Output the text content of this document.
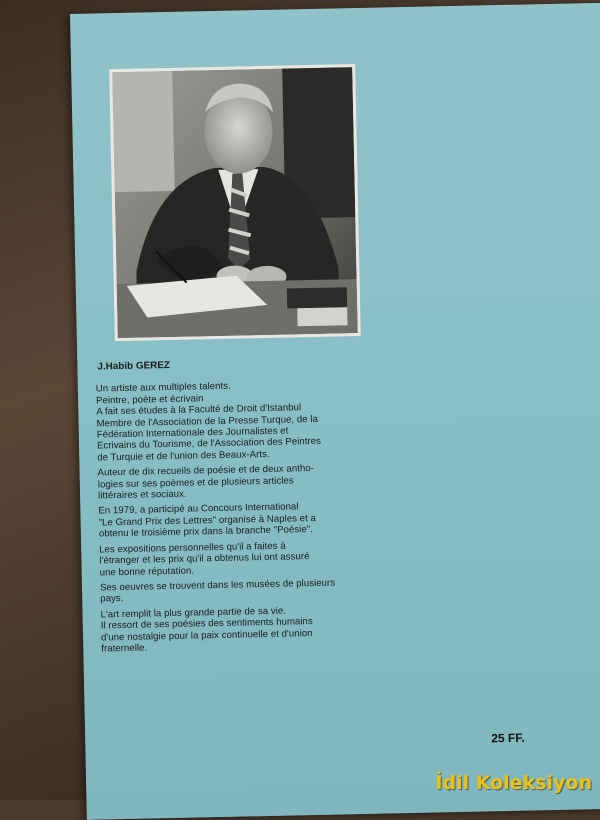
J.Habib GEREZ
Un artiste aux multiples talents.
Peintre, poète et écrivain
A fait ses études à la Faculté de Droit d'Istanbul
Membre de l'Association de la Presse Turque, de la
Fédération Internationale des Journalistes et
Ecrivains du Tourisme, de l'Association des Peintres
de Turquie et de l'union des Beaux-Arts.
Auteur de dix recueils de poésie et de deux antho-
logies sur ses poèmes et de plusieurs articles
littéraires et sociaux.
En 1979, a participé au Concours International
"Le Grand Prix des Lettres" organisé à Naples et a
obtenu le troisième prix dans la branche "Poésie".
Les expositions personnelles qu'il a faites à
l'étranger et les prix qu'il a obtenus lui ont assuré
une bonne réputation.
Ses oeuvres se trouvent dans les musées de plusieurs
pays.
L'art remplit la plus grande partie de sa vie.
Il ressort de ses poésies des sentiments humains
d'une nostalgie pour la paix continuelle et d'union
fraternelle.
25 FF.
İdil Koleksiyon
